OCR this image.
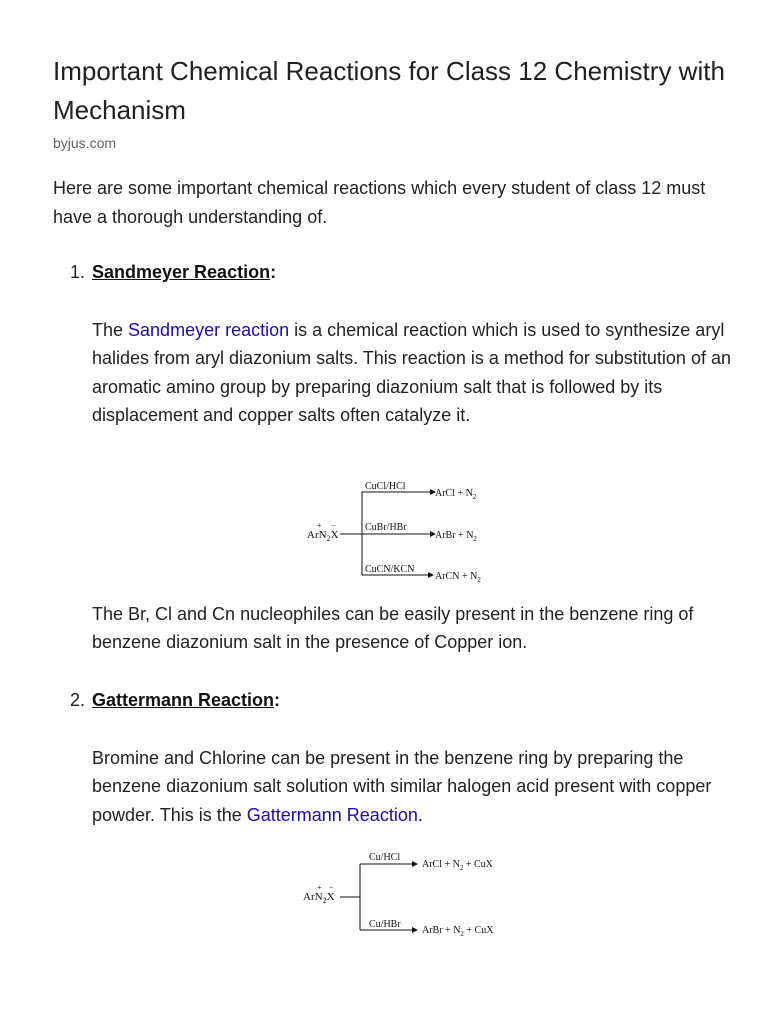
Important Chemical Reactions for Class 12 Chemistry with Mechanism
byjus.com

Here are some important chemical reactions which every student of class 12 must have a thorough understanding of.

1. Sandmeyer Reaction:

The Sandmeyer reaction is a chemical reaction which is used to synthesize aryl halides from aryl diazonium salts. This reaction is a method for substitution of an aromatic amino group by preparing diazonium salt that is followed by its displacement and copper salts often catalyze it.

ArN$_2$X
+ −
CuCl/HCl
ArCl + $N_2$
CuBr/HBr
ArBr + $N_2$
CuCN/KCN
ArCN + $N_2$

The Br, Cl and Cn nucleophiles can be easily present in the benzene ring of benzene diazonium salt in the presence of Copper ion.

2. Gattermann Reaction:

Bromine and Chlorine can be present in the benzene ring by preparing the benzene diazonium salt solution with similar halogen acid present with copper powder. This is the Gattermann Reaction.

ArN$_2$X
+ −
Cu/HCl
ArCl + $N_2$ + CuX
Cu/HBr
ArBr + $N_2$ + CuX
